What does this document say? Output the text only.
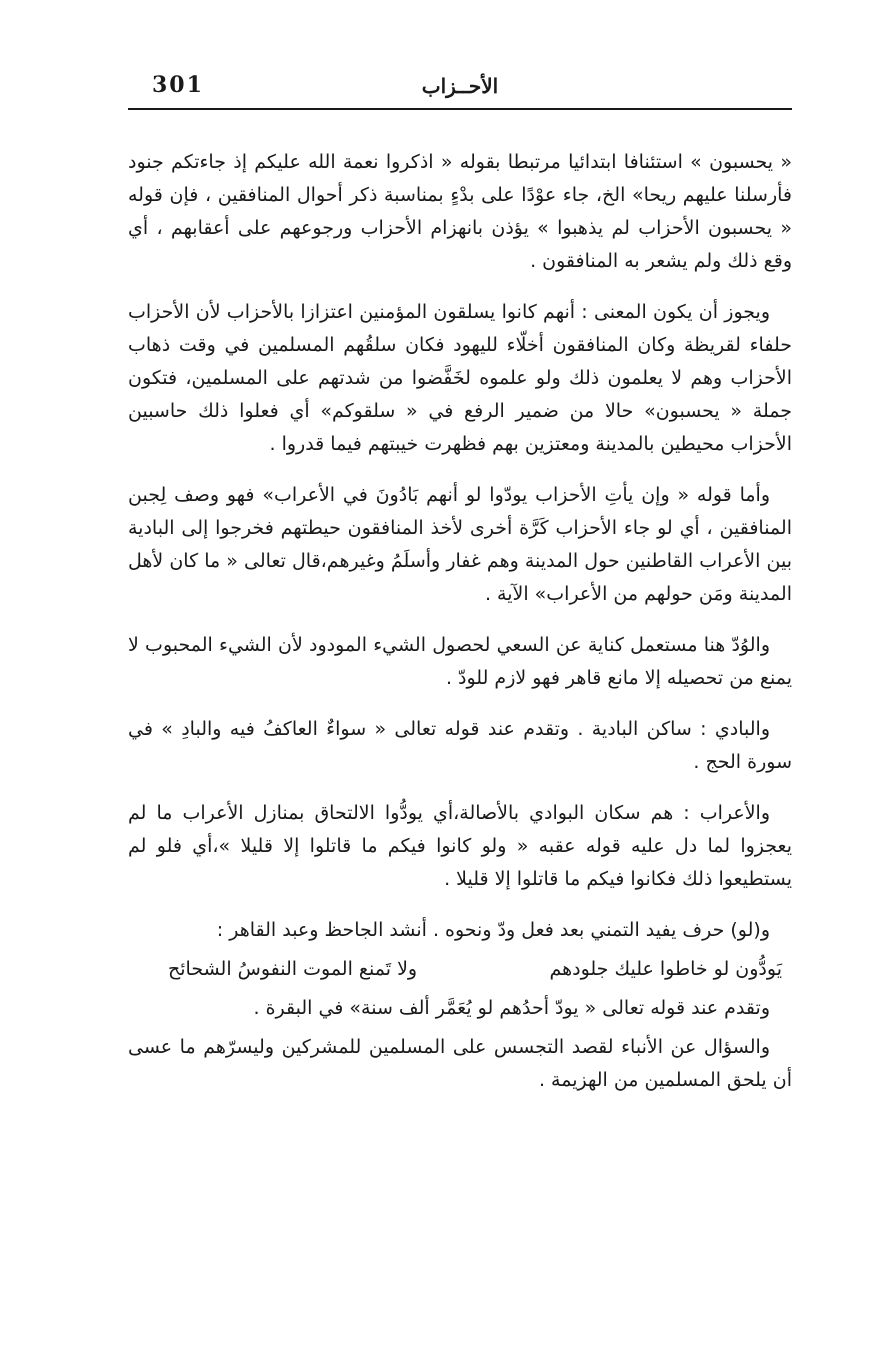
301	الأحــزاب

« يحسبون » استئنافا ابتدائيا مرتبطا بقوله « اذكروا نعمة الله عليكم إذ جاءتكم جنود فأرسلنا عليهم ريحا» الخ، جاء عوْدًا على بدْءٍ بمناسبة ذكر أحوال المنافقين ، فإن قوله « يحسبون الأحزاب لم يذهبوا » يؤذن بانهزام الأحزاب ورجوعهم على أعقابهم ، أي وقع ذلك ولم يشعر به المنافقون .

ويجوز أن يكون المعنى : أنهم كانوا يسلقون المؤمنين اعتزازا بالأحزاب لأن الأحزاب حلفاء لقريظة وكان المنافقون أخلّاء لليهود فكان سلقُهم المسلمين في وقت ذهاب الأحزاب وهم لا يعلمون ذلك ولو علموه لخَفَّضوا من شدتهم على المسلمين، فتكون جملة « يحسبون» حالا من ضمير الرفع في « سلقوكم» أي فعلوا ذلك حاسبين الأحزاب محيطين بالمدينة ومعتزين بهم فظهرت خيبتهم فيما قدروا .

وأما قوله « وإن يأتِ الأحزاب يودّوا لو أنهم بَادُونَ في الأعراب» فهو وصف لِجبن المنافقين ، أي لو جاء الأحزاب كَرَّة أخرى لأخذ المنافقون حيطتهم فخرجوا إلى البادية بين الأعراب القاطنين حول المدينة وهم غفار وأسلَمُ وغيرهم،قال تعالى « ما كان لأهل المدينة ومَن حولهم من الأعراب» الآية .

والوُدّ هنا مستعمل كناية عن السعي لحصول الشيء المودود لأن الشيء المحبوب لا يمنع من تحصيله إلا مانع قاهر فهو لازم للودّ .

والبادي : ساكن البادية . وتقدم عند قوله تعالى « سواءٌ العاكفُ فيه والبادِ » في سورة الحج .

والأعراب : هم سكان البوادي بالأصالة،أي يودُّوا الالتحاق بمنازل الأعراب ما لم يعجزوا لما دل عليه قوله عقبه « ولو كانوا فيكم ما قاتلوا إلا قليلا »،أي فلو لم يستطيعوا ذلك فكانوا فيكم ما قاتلوا إلا قليلا .

و(لو) حرف يفيد التمني بعد فعل ودّ ونحوه . أنشد الجاحظ وعبد القاهر :

يَودُّون لو خاطوا عليك جلودهم
ولا تَمنع الموت النفوسُ الشحائح

وتقدم عند قوله تعالى « يودّ أحدُهم لو يُعَمَّر ألف سنة» في البقرة .

والسؤال عن الأنباء لقصد التجسس على المسلمين للمشركين وليسرّهم ما عسى أن يلحق المسلمين من الهزيمة .
